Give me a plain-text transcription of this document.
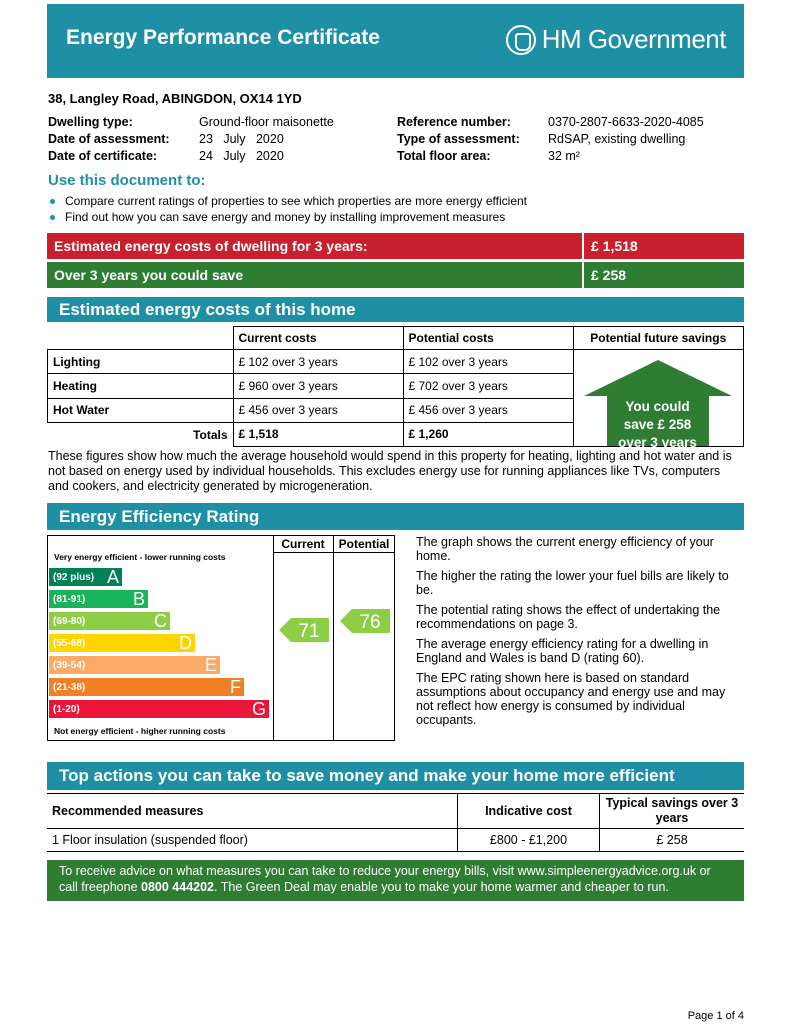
Energy Performance Certificate	HM Government
38, Langley Road, ABINGDON, OX14 1YD
Dwelling type:	Ground-floor maisonette
Date of assessment: 23   July   2020
Date of certificate:	24   July   2020
Reference number:	0370-2807-6633-2020-4085
Type of assessment: RdSAP, existing dwelling
Total floor area:	32 m²
Use this document to:
Compare current ratings of properties to see which properties are more energy efficient
Find out how you can save energy and money by installing improvement measures
Estimated energy costs of dwelling for 3 years:	£ 1,518
Over 3 years you could save	£ 258
Estimated energy costs of this home
	Current costs	Potential costs	Potential future savings
Lighting	£ 102 over 3 years	£ 102 over 3 years	You could
save £ 258
over 3 years

Heating	£ 960 over 3 years	£ 702 over 3 years	
Hot Water	£ 456 over 3 years	£ 456 over 3 years	
Totals	£ 1,518	£ 1,260	
These figures show how much the average household would spend in this property for heating, lighting and hot water and is not based on energy used by individual households. This excludes energy use for running appliances like TVs, computers and cookers, and electricity generated by microgeneration.
Energy Efficiency Rating
Current	Potential
Very energy efficient - lower running costs
(92 plus) A
(81-91)	B
(69-80)	C
(55-68)	D
(39-54)	E
(21-38)	F
(1-20)	G
Not energy efficient - higher running costs
71 76
The graph shows the current energy efficiency of your home.
The higher the rating the lower your fuel bills are likely to be.
The potential rating shows the effect of undertaking the recommendations on page 3.
The average energy efficiency rating for a dwelling in England and Wales is band D (rating 60).
The EPC rating shown here is based on standard assumptions about occupancy and energy use and may not reflect how energy is consumed by individual occupants.
Top actions you can take to save money and make your home more efficient
Recommended measures	Indicative cost	Typical savings over 3 years
1 Floor insulation (suspended floor)	£800 - £1,200	£ 258
To receive advice on what measures you can take to reduce your energy bills, visit www.simpleenergyadvice.org.uk or
call freephone 0800 444202. The Green Deal may enable you to make your home warmer and cheaper to run.
Page 1 of 4
